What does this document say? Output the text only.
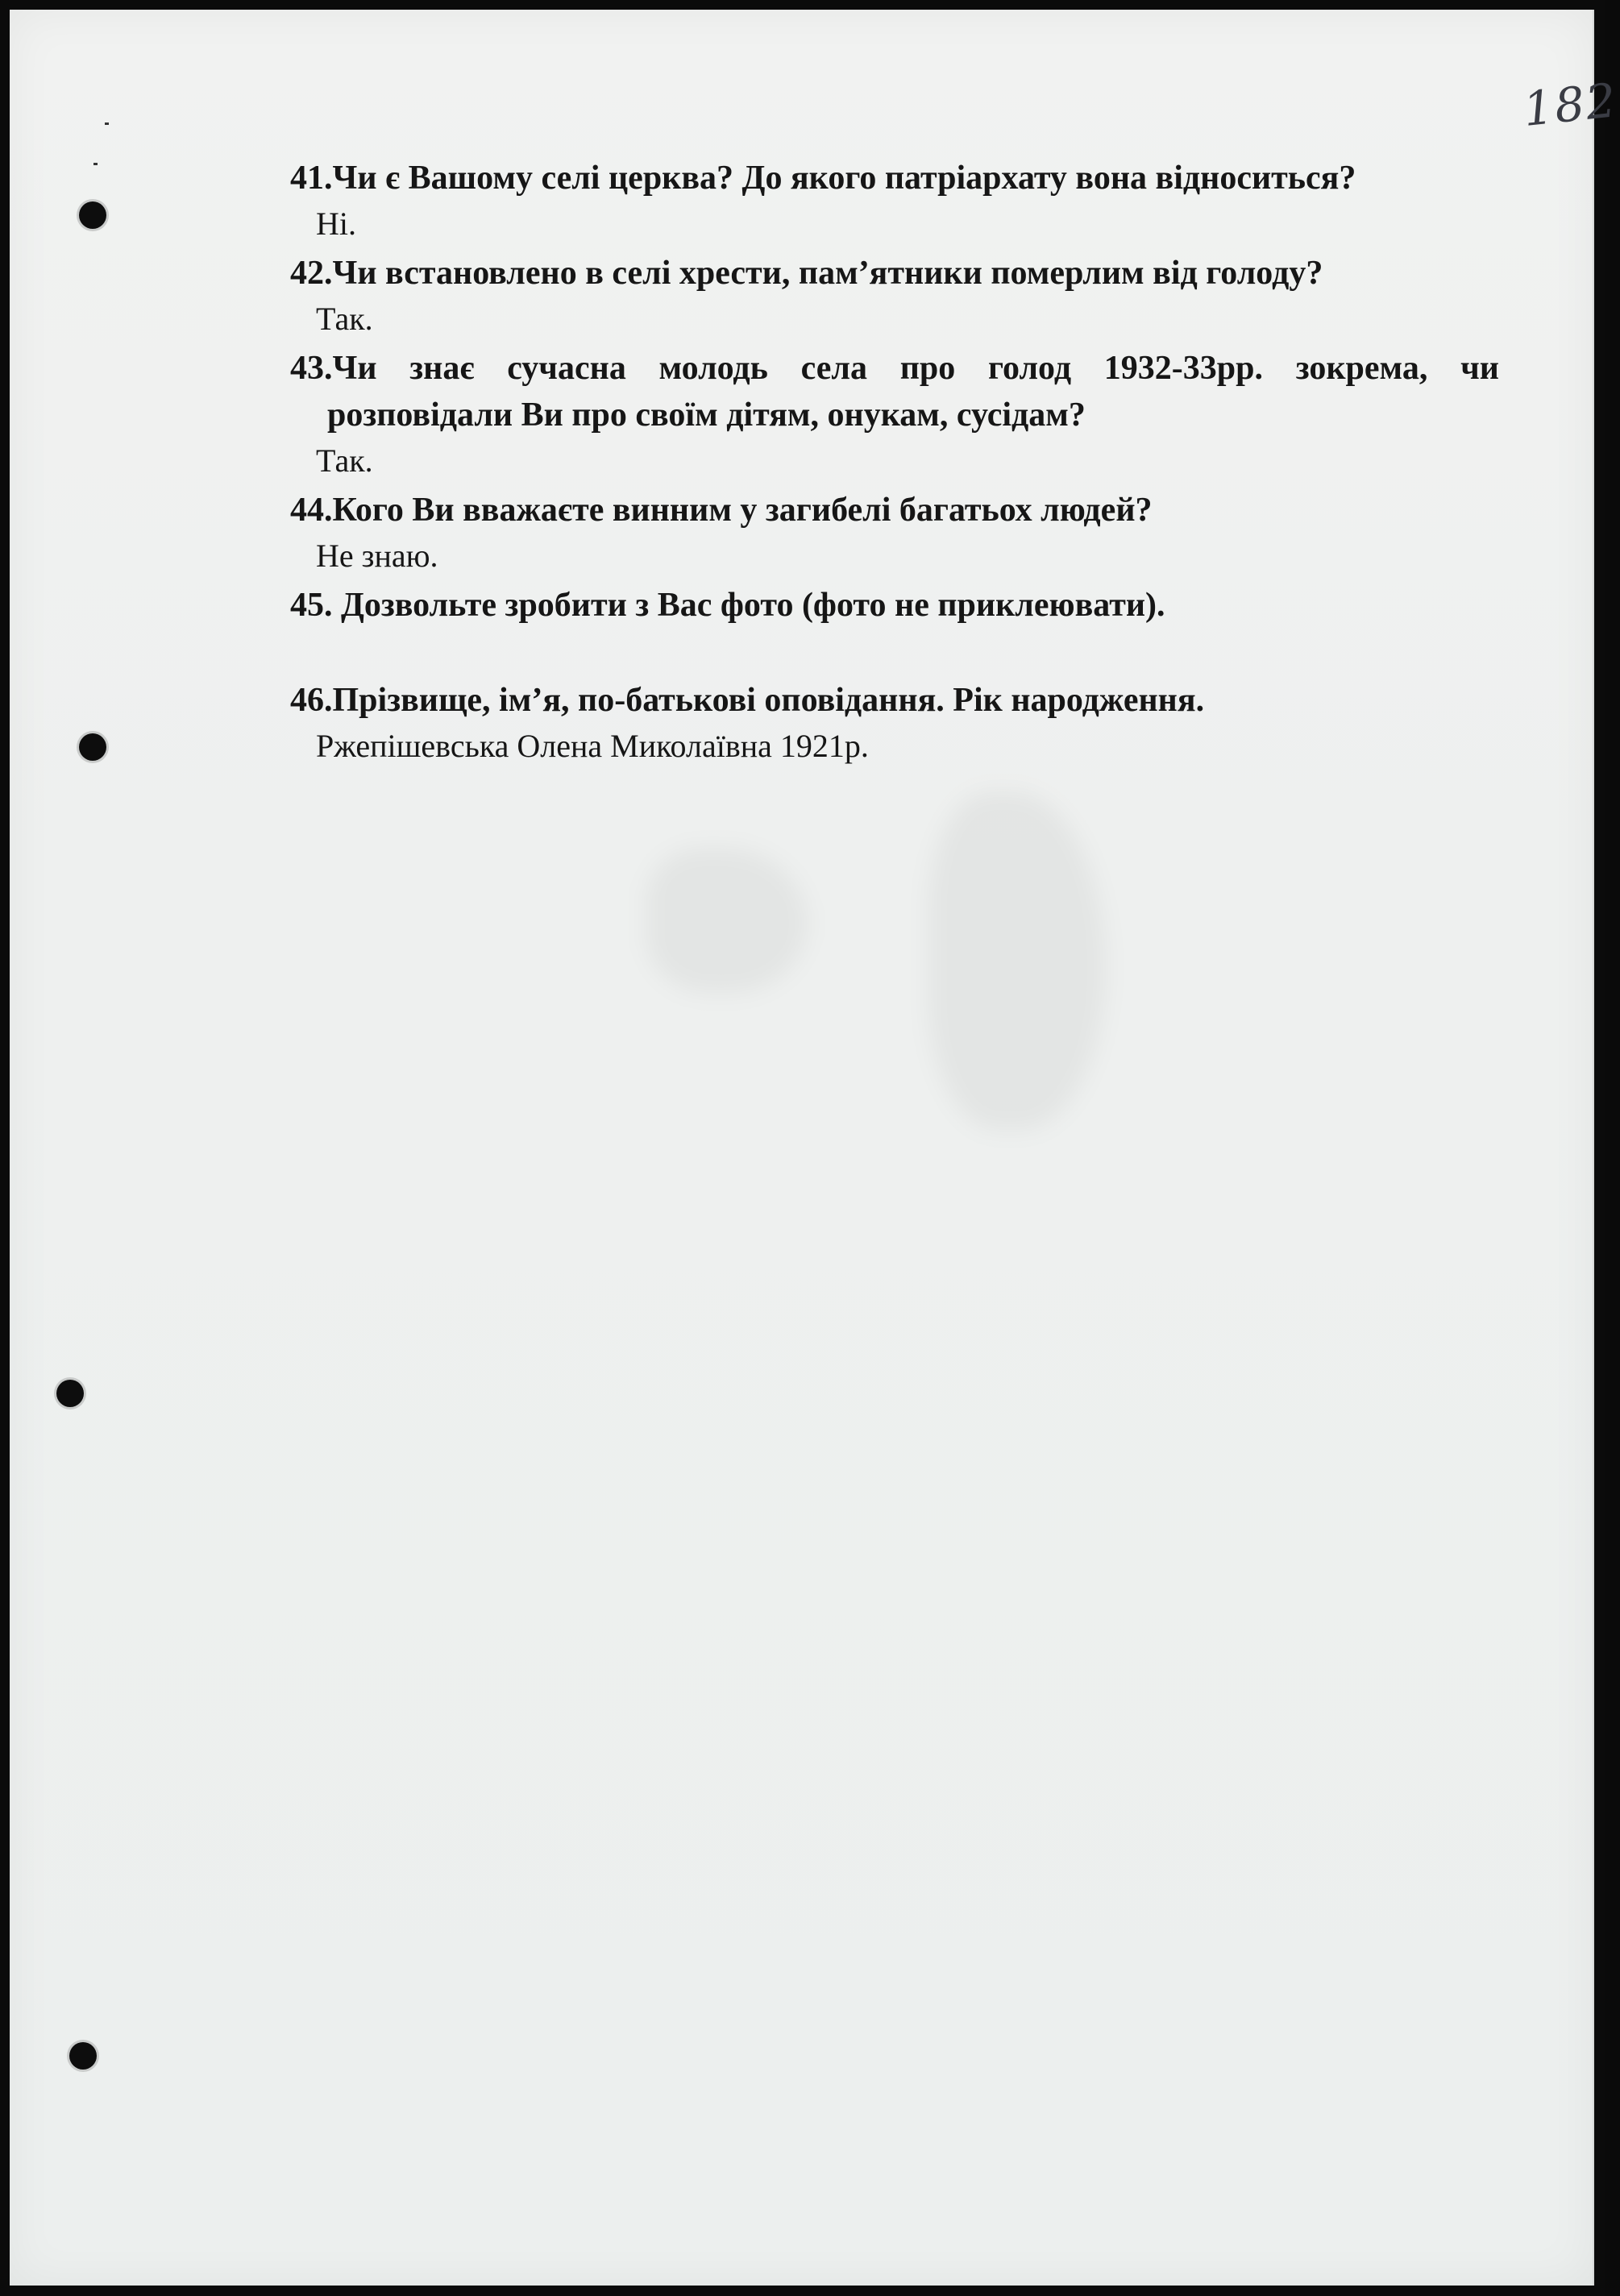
182

41.Чи є Вашому селі церква? До якого патріархату вона відноситься?

Ні.

42.Чи встановлено в селі хрести, пам’ятники померлим від голоду?

Так.

43.Чи знає сучасна молодь села про голод 1932-33рр. зокрема, чи

розповідали Ви про своїм дітям, онукам, сусідам?

Так.

44.Кого Ви вважаєте винним у загибелі багатьох людей?

Не знаю.

45. Дозвольте зробити з Вас фото (фото не приклеювати).

46.Прізвище, ім’я, по-батькові оповідання. Рік народження.

Ржепішевська Олена Миколаївна 1921р.
